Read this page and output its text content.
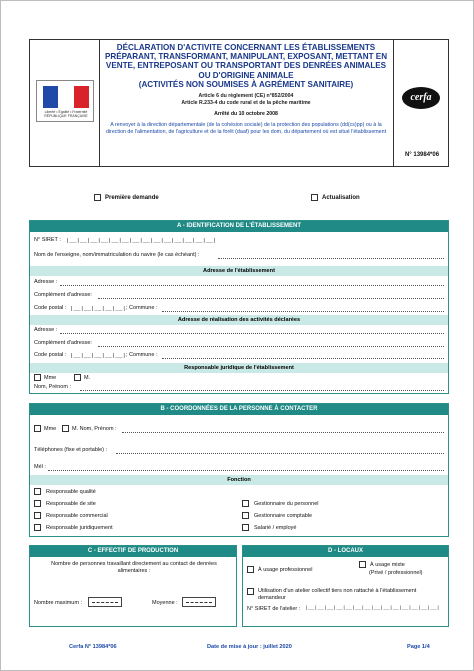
Liberté • Égalité • Fraternité RÉPUBLIQUE FRANÇAISE
DÉCLARATION D'ACTIVITE CONCERNANT LES ÉTABLISSEMENTS
PRÉPARANT, TRANSFORMANT, MANIPULANT, EXPOSANT, METTANT EN
VENTE, ENTREPOSANT OU TRANSPORTANT DES DENRÉES ANIMALES
OU D'ORIGINE ANIMALE
(ACTIVITÉS NON SOUMISES À AGRÉMENT SANITAIRE)
Article 6 du règlement (CE) n°852/2004
Article R.233-4 du code rural et de la pêche maritime
Arrêté du 10 octobre 2008
A renvoyer à la direction départementale (de la cohésion sociale) de la protection des populations (dd(cs)pp) ou à la direction de l'alimentation, de l'agriculture et de la forêt (daaf) pour les dom, du département où est situé l'établissement
cerfa
N° 13984*06
Première demande	Actualisation
A - IDENTIFICATION DE L'ÉTABLISSEMENT
N° SIRET : |__|__|__|__|__|__|__|__|__|__|__|__|__|__|
Nom de l'enseigne, nom/immatriculation du navire (le cas échéant) :
Adresse de l'établissement
Adresse :
Complément d'adresse:
Code postal : |__|__|__|__|__| ; Commune :
Adresse de réalisation des activités déclarées
Adresse :
Complément d'adresse:
Code postal : |__|__|__|__|__| ; Commune :
Responsable juridique de l'établissement
Mme	M.
Nom, Prénom :
B - COORDONNÉES DE LA PERSONNE À CONTACTER
Mme	M. Nom, Prénom :
Téléphones (fixe et portable) :
Mél :
Fonction
Responsable qualité
Responsable de site
Responsable commercial
Responsable juridiquement
Gestionnaire du personnel
Gestionnaire comptable
Salarié / employé
C - EFFECTIF DE PRODUCTION
Nombre de personnes travaillant directement au contact de denrées alimentaires :
Nombre maximum :	Moyenne :
D - LOCAUX
À usage professionnel
À usage mixte
(Privé / professionnel)
Utilisation d'un atelier collectif tiers non rattaché à l'établissement demandeur
N° SIRET de l'atelier : |__|__|__|__|__|__|__|__|__|__|__|__|__|__|
Cerfa N° 13984*06	Date de mise à jour : juillet 2020	Page 1/4
